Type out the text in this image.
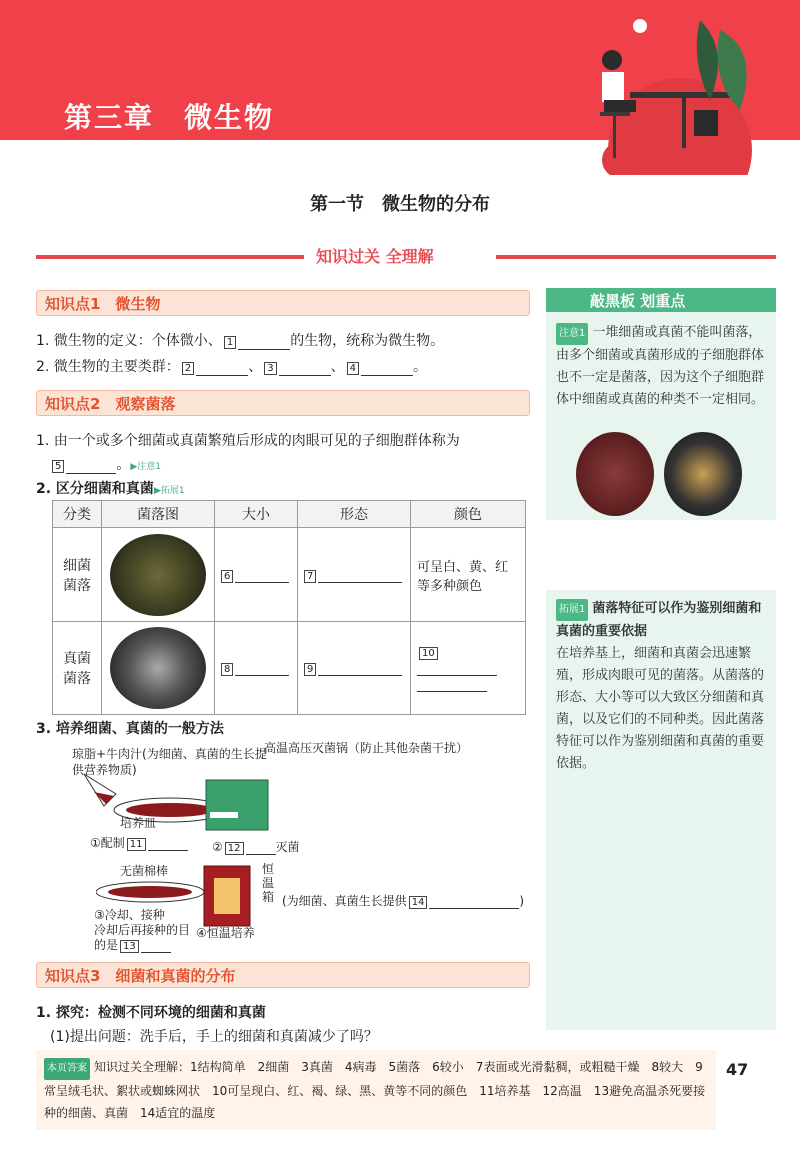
第三章　微生物
第一节　微生物的分布
知识过关 全理解
知识点1　微生物
1. 微生物的定义：个体微小、 1	的生物，统称为微生物。
2. 微生物的主要类群： 2	、 3	、 4	。
知识点2　观察菌落
1. 由一个或多个细菌或真菌繁殖后形成的肉眼可见的子细胞群体称为
5	。▶注意1
2. 区分细菌和真菌▶拓展1
分类	菌落图	大小	形态	颜色
细菌菌落		6	7	可呈白、黄、红等多种颜色
真菌菌落		8	9	10

3. 培养细菌、真菌的一般方法
琼脂+牛肉汁(为细菌、真菌的生长提供营养物质)
高温高压灭菌锅（防止其他杂菌干扰）
培养皿
①配制 11	② 12	灭菌
无菌棉棒	恒温箱 (为细菌、真菌生长提供 14	)
③冷却、接种
冷却后再接种的目的是 13
④恒温培养
知识点3　细菌和真菌的分布
1. 探究：检测不同环境的细菌和真菌
(1)提出问题：洗手后，手上的细菌和真菌减少了吗？
敲黑板 划重点
注意1 一堆细菌或真菌不能叫菌落，由多个细菌或真菌形成的子细胞群体也不一定是菌落，因为这个子细胞群体中细菌或真菌的种类不一定相同。
拓展1 菌落特征可以作为鉴别细菌和真菌的重要依据
在培养基上，细菌和真菌会迅速繁殖，形成肉眼可见的菌落。从菌落的形态、大小等可以大致区分细菌和真菌，以及它们的不同种类。因此菌落特征可以作为鉴别细菌和真菌的重要依据。
本页答案 知识过关全理解：1结构简单　2细菌　3真菌　4病毒　5菌落　6较小　7表面或光滑黏稠，或粗糙干燥　8较大　9常呈绒毛状、絮状或蜘蛛网状　10可呈现白、红、褐、绿、黑、黄等不同的颜色　11培养基　12高温　13避免高温杀死要接种的细菌、真菌　14适宜的温度
47
